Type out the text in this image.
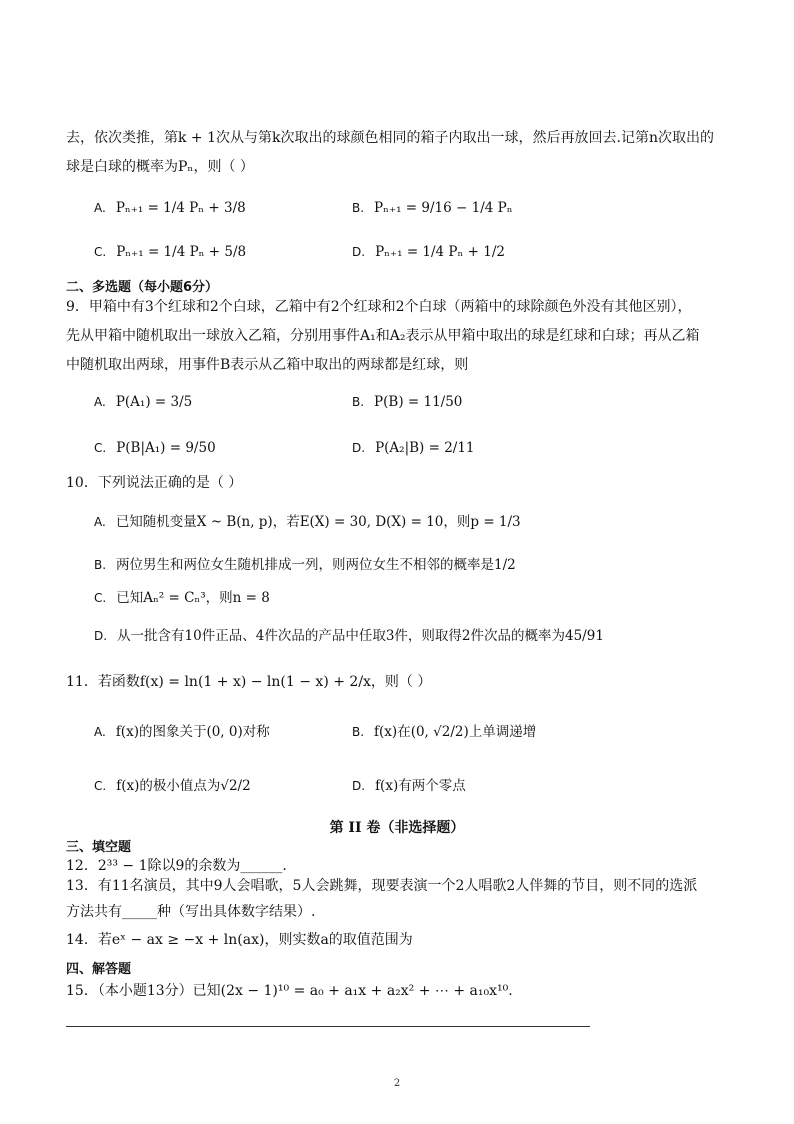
去，依次类推，第k + 1次从与第k次取出的球颜色相同的箱子内取出一球，然后再放回去.记第n次取出的
球是白球的概率为Pₙ，则（ ）
A. Pₙ₊₁ = 1/4 Pₙ + 3/8	B. Pₙ₊₁ = 9/16 − 1/4 Pₙ
C. Pₙ₊₁ = 1/4 Pₙ + 5/8	D. Pₙ₊₁ = 1/4 Pₙ + 1/2
二、多选题（每小题6分）
9．甲箱中有3个红球和2个白球，乙箱中有2个红球和2个白球（两箱中的球除颜色外没有其他区别），
先从甲箱中随机取出一球放入乙箱，分别用事件A₁和A₂表示从甲箱中取出的球是红球和白球；再从乙箱
中随机取出两球，用事件B表示从乙箱中取出的两球都是红球，则
A. P(A₁) = 3/5	B. P(B) = 11/50
C. P(B|A₁) = 9/50	D. P(A₂|B) = 2/11
10．下列说法正确的是（ ）
A. 已知随机变量X ~ B(n, p)，若E(X) = 30, D(X) = 10，则p = 1/3
B. 两位男生和两位女生随机排成一列，则两位女生不相邻的概率是1/2
C. 已知Aₙ² = Cₙ³，则n = 8
D. 从一批含有10件正品、4件次品的产品中任取3件，则取得2件次品的概率为45/91
11．若函数f(x) = ln(1 + x) − ln(1 − x) + 2/x，则（ ）
A. f(x)的图象关于(0, 0)对称	B. f(x)在(0, √2/2)上单调递增
C. f(x)的极小值点为√2/2	D. f(x)有两个零点
第 II 卷（非选择题）
三、填空题
12．2³³ − 1除以9的余数为______.
13．有11名演员，其中9人会唱歌，5人会跳舞，现要表演一个2人唱歌2人伴舞的节目，则不同的选派
方法共有_____种（写出具体数字结果）.
14．若eˣ − ax ≥ −x + ln(ax)，则实数a的取值范围为
四、解答题
15．（本小题13分）已知(2x − 1)¹⁰ = a₀ + a₁x + a₂x² + ⋯ + a₁₀x¹⁰.
2
